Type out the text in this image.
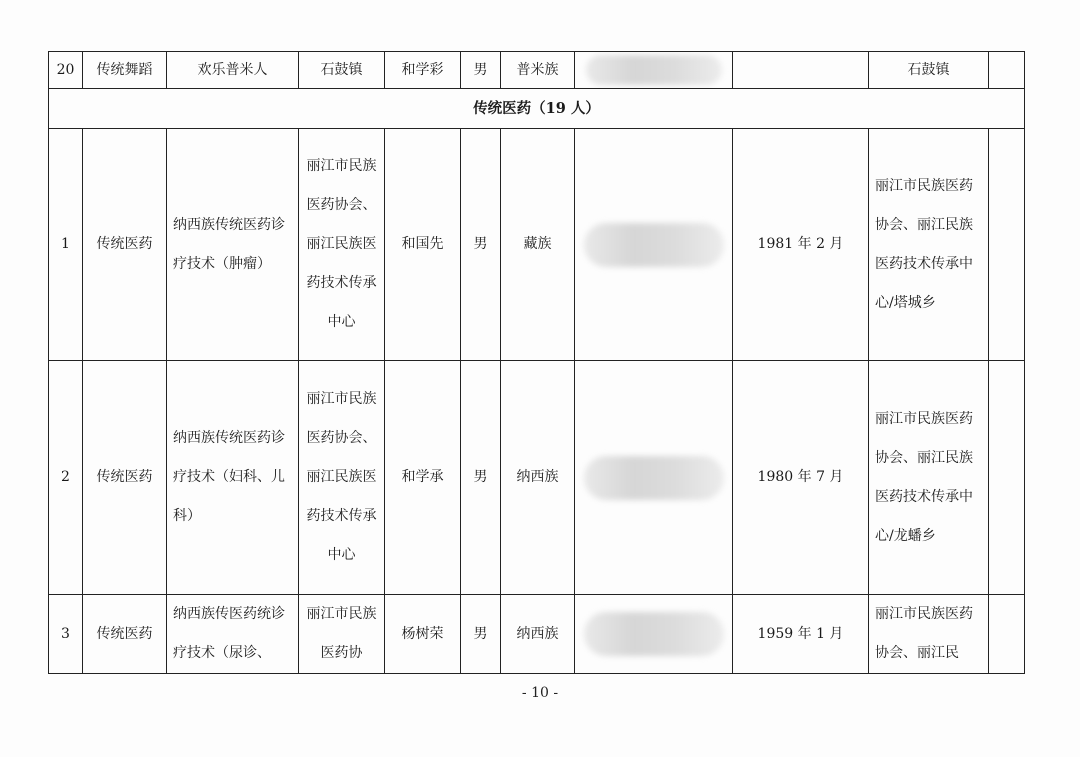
20	传统舞蹈	欢乐普米人	石鼓镇	和学彩	男	普米族			石鼓镇	
传统医药（19 人）										
1	传统医药	纳西族传统医药诊疗技术（肿瘤）	丽江市民族医药协会、丽江民族医药技术传承中心	和国先	男	藏族		1981 年 2 月	丽江市民族医药协会、丽江民族医药技术传承中心/塔城乡	
2	传统医药	纳西族传统医药诊疗技术（妇科、儿科）	丽江市民族医药协会、丽江民族医药技术传承中心	和学承	男	纳西族		1980 年 7 月	丽江市民族医药协会、丽江民族医药技术传承中心/龙蟠乡	
3	传统医药	纳西族传医药统诊疗技术（尿诊、	丽江市民族医药协	杨树荣	男	纳西族		1959 年 1 月	丽江市民族医药协会、丽江民	
- 10 -
